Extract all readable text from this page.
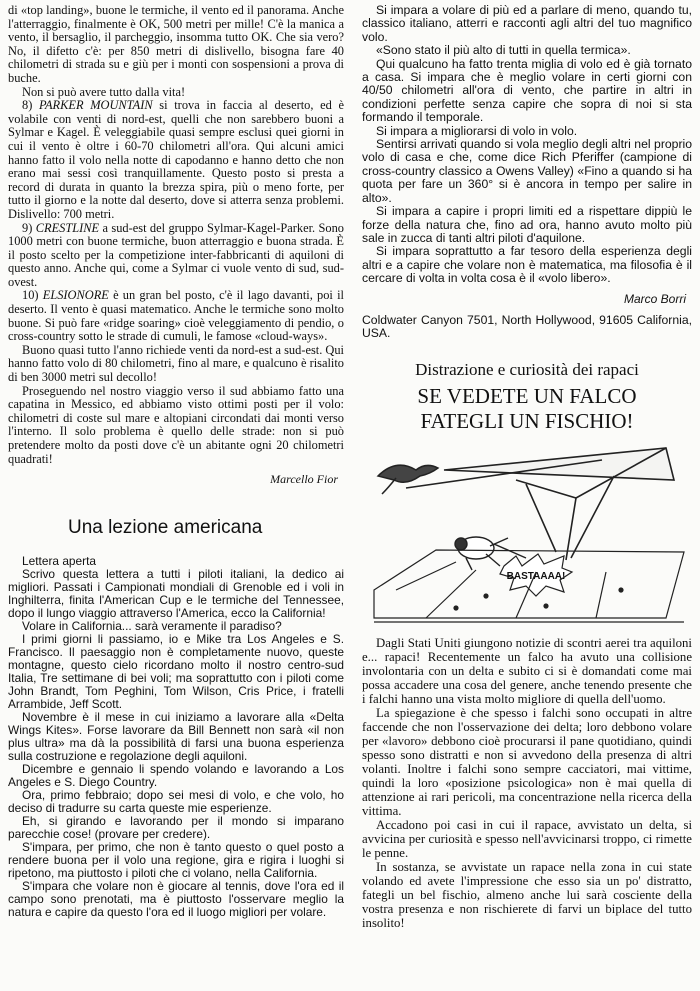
di «top landing», buone le termiche, il vento ed il panorama. Anche l'atterraggio, finalmente è OK, 500 metri per mille! C'è la manica a vento, il bersaglio, il parcheggio, insomma tutto OK. Che sia vero? No, il difetto c'è: per 850 metri di dislivello, bisogna fare 40 chilometri di strada su e giù per i monti con sospensioni a prova di buche.

Non si può avere tutto dalla vita!

8) PARKER MOUNTAIN si trova in faccia al deserto, ed è volabile con venti di nord-est, quelli che non sarebbero buoni a Sylmar e Kagel. È veleggiabile quasi sempre esclusi quei giorni in cui il vento è oltre i 60-70 chilometri all'ora. Qui alcuni amici hanno fatto il volo nella notte di capodanno e hanno detto che non erano mai sessi così tranquillamente. Questo posto si presta a record di durata in quanto la brezza spira, più o meno forte, per tutto il giorno e la notte dal deserto, dove si atterra senza problemi. Dislivello: 700 metri.

9) CRESTLINE a sud-est del gruppo Sylmar-Kagel-Parker. Sono 1000 metri con buone termiche, buon atterraggio e buona strada. È il posto scelto per la competizione inter-fabbricanti di aquiloni di questo anno. Anche qui, come a Sylmar ci vuole vento di sud, sud-ovest.

10) ELSIONORE è un gran bel posto, c'è il lago davanti, poi il deserto. Il vento è quasi matematico. Anche le termiche sono molto buone. Si può fare «ridge soaring» cioè veleggiamento di pendio, o cross-country sotto le strade di cumuli, le famose «cloud-ways».

Buono quasi tutto l'anno richiede venti da nord-est a sud-est. Qui hanno fatto volo di 80 chilometri, fino al mare, e qualcuno è risalito di ben 3000 metri sul decollo!

Proseguendo nel nostro viaggio verso il sud abbiamo fatto una capatina in Messico, ed abbiamo visto ottimi posti per il volo: chilometri di coste sul mare e altopiani circondati dai monti verso l'interno. Il solo problema è quello delle strade: non si può pretendere molto da posti dove c'è un abitante ogni 20 chilometri quadrati!

Marcello Fior
Una lezione americana

Lettera aperta

Scrivo questa lettera a tutti i piloti italiani, la dedico ai migliori. Passati i Campionati mondiali di Grenoble ed i voli in Inghilterra, finita l'American Cup e le termiche del Tennessee, dopo il lungo viaggio attraverso l'America, ecco la California!

Volare in California... sarà veramente il paradiso?

I primi giorni li passiamo, io e Mike tra Los Angeles e S. Francisco. Il paesaggio non è completamente nuovo, queste montagne, questo cielo ricordano molto il nostro centro-sud Italia, Tre settimane di bei voli; ma soprattutto con i piloti come John Brandt, Tom Peghini, Tom Wilson, Cris Price, i fratelli Arrambide, Jeff Scott.

Novembre è il mese in cui iniziamo a lavorare alla «Delta Wings Kites». Forse lavorare da Bill Bennett non sarà «il non plus ultra» ma dà la possibilità di farsi una buona esperienza sulla costruzione e regolazione degli aquiloni.

Dicembre e gennaio li spendo volando e lavorando a Los Angeles e S. Diego Country.

Ora, primo febbraio; dopo sei mesi di volo, e che volo, ho deciso di tradurre su carta queste mie esperienze.

Eh, si girando e lavorando per il mondo si imparano parecchie cose! (provare per credere).

S'impara, per primo, che non è tanto questo o quel posto a rendere buona per il volo una regione, gira e rigira i luoghi si ripetono, ma piuttosto i piloti che ci volano, nella California.

S'impara che volare non è giocare al tennis, dove l'ora ed il campo sono prenotati, ma è piuttosto l'osservare meglio la natura e capire da questo l'ora ed il luogo migliori per volare.

Si impara a volare di più ed a parlare di meno, quando tu, classico italiano, atterri e racconti agli altri del tuo magnifico volo.

«Sono stato il più alto di tutti in quella termica».

Qui qualcuno ha fatto trenta miglia di volo ed è già tornato a casa. Si impara che è meglio volare in certi giorni con 40/50 chilometri all'ora di vento, che partire in altri in condizioni perfette senza capire che sopra di noi si sta formando il temporale.

Si impara a migliorarsi di volo in volo.

Sentirsi arrivati quando si vola meglio degli altri nel proprio volo di casa e che, come dice Rich Pferiffer (campione di cross-country classico a Owens Valley) «Fino a quando si ha quota per fare un 360° si è ancora in tempo per salire in alto».

Si impara a capire i propri limiti ed a rispettare dippiù le forze della natura che, fino ad ora, hanno avuto molto più sale in zucca di tanti altri piloti d'aquilone.

Si impara soprattutto a far tesoro della esperienza degli altri e a capire che volare non è matematica, ma filosofia è il cercare di volta in volta cosa è il «volo libero».

Marco Borri

Coldwater Canyon 7501, North Hollywood, 91605 California, USA.

Distrazione e curiosità dei rapaci
SE VEDETE UN FALCO
FATEGLI UN FISCHIO!
BASTAAAA!

Dagli Stati Uniti giungono notizie di scontri aerei tra aquiloni e... rapaci! Recentemente un falco ha avuto una collisione involontaria con un delta e subito ci si è domandati come mai possa accadere una cosa del genere, anche tenendo presente che i falchi hanno una vista molto migliore di quella dell'uomo.

La spiegazione è che spesso i falchi sono occupati in altre faccende che non l'osservazione dei delta; loro debbono volare per «lavoro» debbono cioè procurarsi il pane quotidiano, quindi spesso sono distratti e non si avvedono della presenza di altri volanti. Inoltre i falchi sono sempre cacciatori, mai vittime, quindi la loro «posizione psicologica» non è mai quella di attenzione ai rari pericoli, ma concentrazione nella ricerca della vittima.

Accadono poi casi in cui il rapace, avvistato un delta, si avvicina per curiosità e spesso nell'avvicinarsi troppo, ci rimette le penne.

In sostanza, se avvistate un rapace nella zona in cui state volando ed avete l'impressione che esso sia un po' distratto, fategli un bel fischio, almeno anche lui sarà cosciente della vostra presenza e non rischierete di farvi un biplace del tutto insolito!
